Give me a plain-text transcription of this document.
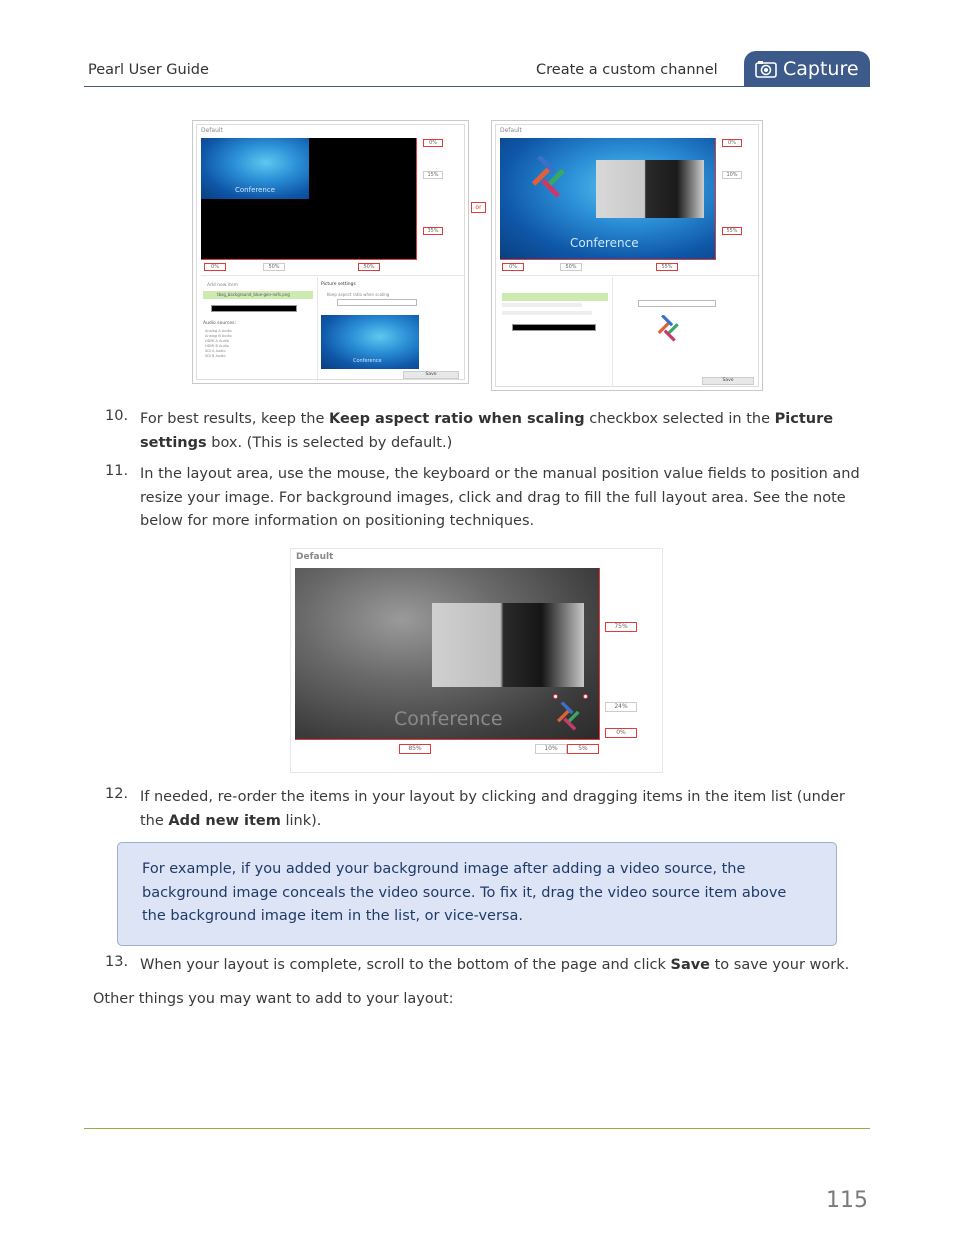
Pearl User Guide	Create a custom channel	Capture
Default
Conference
0%
15%
35%
0%	50%	50%
Add new item
tbsg_background_blue-gen-nofs.png
Picture settings
Keep aspect ratio when scaling
Conference
Audio sources:
Analog A Audio
Analog B Audio
HDMI A Audio
HDMI B Audio
SDI A Audio
SDI B Audio
Save
or
Default
Conference
0%
10%
55%
0%	50%	55%
Save
10. For best results, keep the Keep aspect ratio when scaling checkbox selected in the Picture settings box. (This is selected by default.)
11. In the layout area, use the mouse, the keyboard or the manual position value fields to position and resize your image. For background images, click and drag to fill the full layout area. See the note below for more information on positioning techniques.
Default
Conference
75%
24%
0%
85%	10%	5%
12. If needed, re-order the items in your layout by clicking and dragging items in the item list (under the Add new item link).

For example, if you added your background image after adding a video source, the background image conceals the video source. To fix it, drag the video source item above the background image item in the list, or vice-versa.

13. When your layout is complete, scroll to the bottom of the page and click Save to save your work.
Other things you may want to add to your layout:
115
